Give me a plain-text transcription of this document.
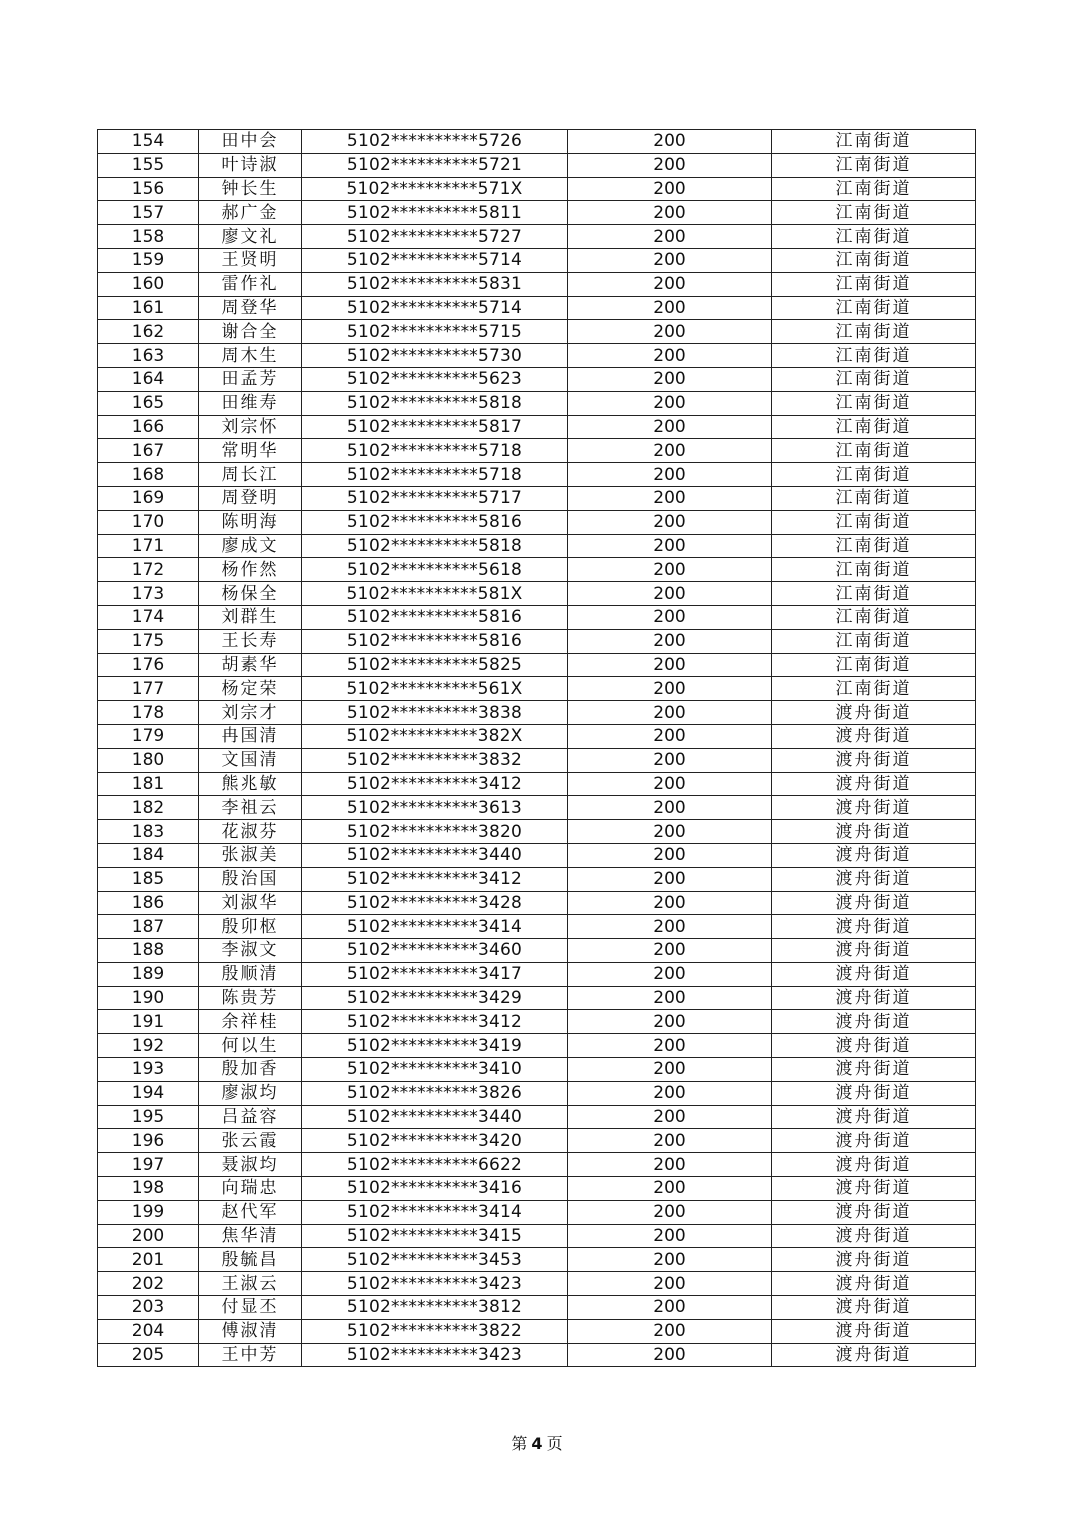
154	田中会	5102**********5726	200	江南街道
155	叶诗淑	5102**********5721	200	江南街道
156	钟长生	5102**********571X	200	江南街道
157	郝广金	5102**********5811	200	江南街道
158	廖文礼	5102**********5727	200	江南街道
159	王贤明	5102**********5714	200	江南街道
160	雷作礼	5102**********5831	200	江南街道
161	周登华	5102**********5714	200	江南街道
162	谢合全	5102**********5715	200	江南街道
163	周木生	5102**********5730	200	江南街道
164	田孟芳	5102**********5623	200	江南街道
165	田维寿	5102**********5818	200	江南街道
166	刘宗怀	5102**********5817	200	江南街道
167	常明华	5102**********5718	200	江南街道
168	周长江	5102**********5718	200	江南街道
169	周登明	5102**********5717	200	江南街道
170	陈明海	5102**********5816	200	江南街道
171	廖成文	5102**********5818	200	江南街道
172	杨作然	5102**********5618	200	江南街道
173	杨保全	5102**********581X	200	江南街道
174	刘群生	5102**********5816	200	江南街道
175	王长寿	5102**********5816	200	江南街道
176	胡素华	5102**********5825	200	江南街道
177	杨定荣	5102**********561X	200	江南街道
178	刘宗才	5102**********3838	200	渡舟街道
179	冉国清	5102**********382X	200	渡舟街道
180	文国清	5102**********3832	200	渡舟街道
181	熊兆敏	5102**********3412	200	渡舟街道
182	李祖云	5102**********3613	200	渡舟街道
183	花淑芬	5102**********3820	200	渡舟街道
184	张淑美	5102**********3440	200	渡舟街道
185	殷治国	5102**********3412	200	渡舟街道
186	刘淑华	5102**********3428	200	渡舟街道
187	殷卯枢	5102**********3414	200	渡舟街道
188	李淑文	5102**********3460	200	渡舟街道
189	殷顺清	5102**********3417	200	渡舟街道
190	陈贵芳	5102**********3429	200	渡舟街道
191	余祥桂	5102**********3412	200	渡舟街道
192	何以生	5102**********3419	200	渡舟街道
193	殷加香	5102**********3410	200	渡舟街道
194	廖淑均	5102**********3826	200	渡舟街道
195	吕益容	5102**********3440	200	渡舟街道
196	张云霞	5102**********3420	200	渡舟街道
197	聂淑均	5102**********6622	200	渡舟街道
198	向瑞忠	5102**********3416	200	渡舟街道
199	赵代军	5102**********3414	200	渡舟街道
200	焦华清	5102**********3415	200	渡舟街道
201	殷毓昌	5102**********3453	200	渡舟街道
202	王淑云	5102**********3423	200	渡舟街道
203	付显丕	5102**********3812	200	渡舟街道
204	傅淑清	5102**********3822	200	渡舟街道
205	王中芳	5102**********3423	200	渡舟街道
第 4 页
